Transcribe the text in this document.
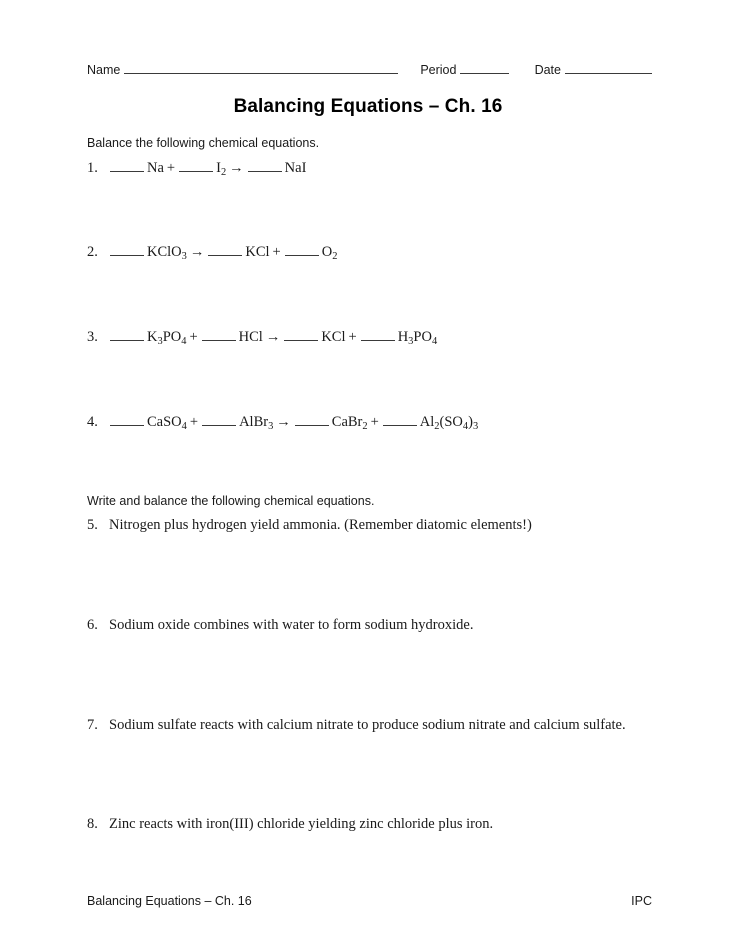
Name	Period	Date
Balancing Equations – Ch. 16
Balance the following chemical equations.
1.	Na +	$I_2$ →	NaI
2.	KClO$_3$ →	KCl +	$O_2$
3.	$K_3PO_4$ +	HCl →	KCl +	$H_3PO_4$
4.	CaSO$_4$ +	AlBr$_3$ →	CaBr$_2$ +	$Al_2(SO_4)_3$
Write and balance the following chemical equations.
5. Nitrogen plus hydrogen yield ammonia. (Remember diatomic elements!)
6. Sodium oxide combines with water to form sodium hydroxide.
7. Sodium sulfate reacts with calcium nitrate to produce sodium nitrate and calcium sulfate.
8. Zinc reacts with iron(III) chloride yielding zinc chloride plus iron.
Balancing Equations – Ch. 16	IPC
